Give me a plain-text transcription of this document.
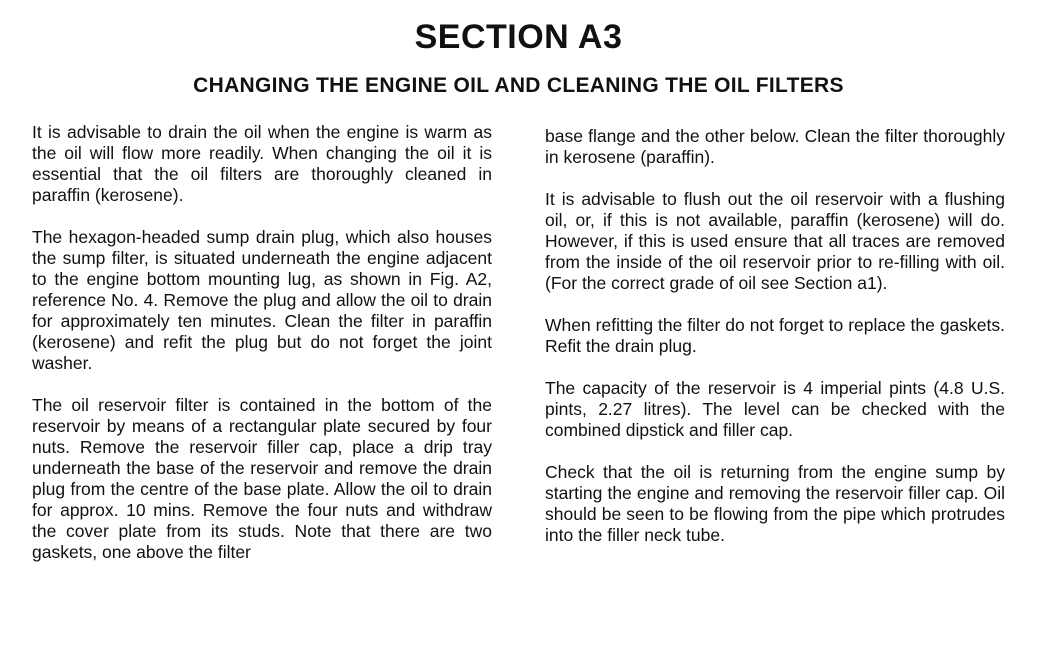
SECTION A3
CHANGING THE ENGINE OIL AND CLEANING THE OIL FILTERS

It is advisable to drain the oil when the engine is warm as the oil will flow more readily. When changing the oil it is essential that the oil filters are thoroughly cleaned in paraffin (kerosene).

The hexagon-headed sump drain plug, which also houses the sump filter, is situated underneath the engine adjacent to the engine bottom mounting lug, as shown in Fig. A2, reference No. 4. Remove the plug and allow the oil to drain for approximately ten minutes. Clean the filter in paraffin (kerosene) and refit the plug but do not forget the joint washer.

The oil reservoir filter is contained in the bottom of the reservoir by means of a rectangular plate secured by four nuts. Remove the reservoir filler cap, place a drip tray underneath the base of the reservoir and remove the drain plug from the centre of the base plate. Allow the oil to drain for approx. 10 mins. Remove the four nuts and withdraw the cover plate from its studs. Note that there are two gaskets, one above the filter

base flange and the other below. Clean the filter thoroughly in kerosene (paraffin).

It is advisable to flush out the oil reservoir with a flushing oil, or, if this is not available, paraffin (kerosene) will do. However, if this is used ensure that all traces are removed from the inside of the oil reservoir prior to re-filling with oil. (For the correct grade of oil see Section a1).

When refitting the filter do not forget to replace the gaskets. Refit the drain plug.

The capacity of the reservoir is 4 imperial pints (4.8 U.S. pints, 2.27 litres). The level can be checked with the combined dipstick and filler cap.

Check that the oil is returning from the engine sump by starting the engine and removing the reservoir filler cap. Oil should be seen to be flowing from the pipe which protrudes into the filler neck tube.
